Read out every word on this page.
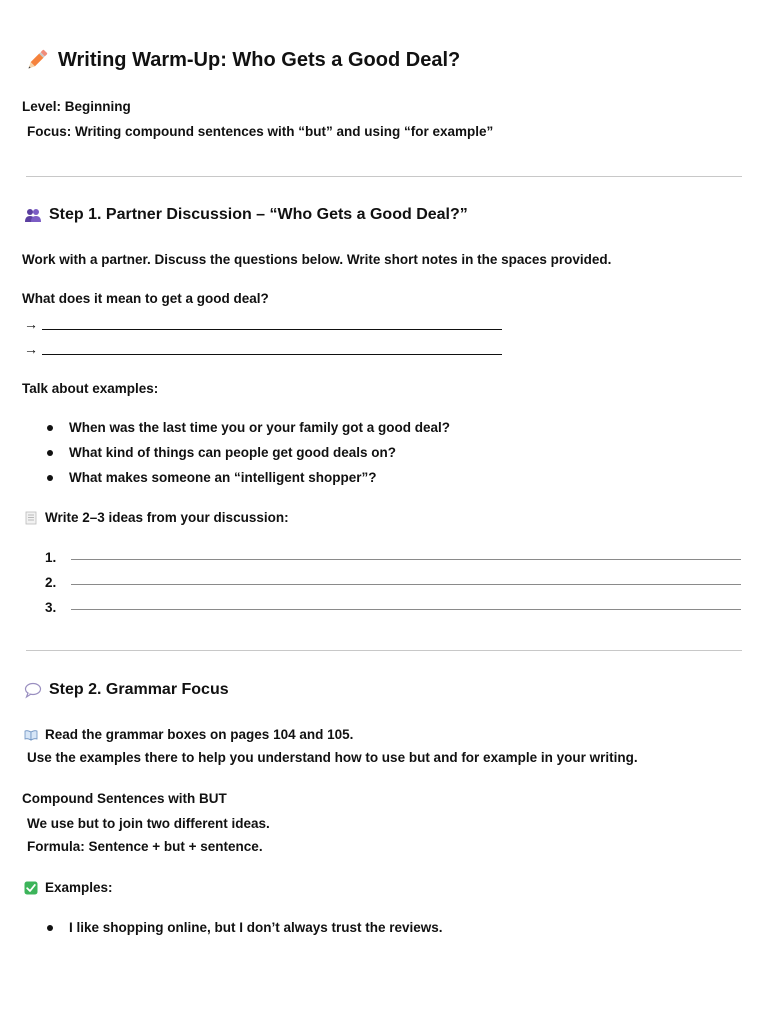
Writing Warm-Up: Who Gets a Good Deal?
Level: Beginning
Focus: Writing compound sentences with “but” and using “for example”
Step 1. Partner Discussion – “Who Gets a Good Deal?”
Work with a partner. Discuss the questions below. Write short notes in the spaces provided.
What does it mean to get a good deal?
→
→
Talk about examples:
When was the last time you or your family got a good deal?
What kind of things can people get good deals on?
What makes someone an “intelligent shopper”?
Write 2–3 ideas from your discussion:
1.
2.
3.
Step 2. Grammar Focus
Read the grammar boxes on pages 104 and 105.
Use the examples there to help you understand how to use but and for example in your writing.
Compound Sentences with BUT
We use but to join two different ideas.
Formula: Sentence + but + sentence.
Examples:
I like shopping online, but I don’t always trust the reviews.
